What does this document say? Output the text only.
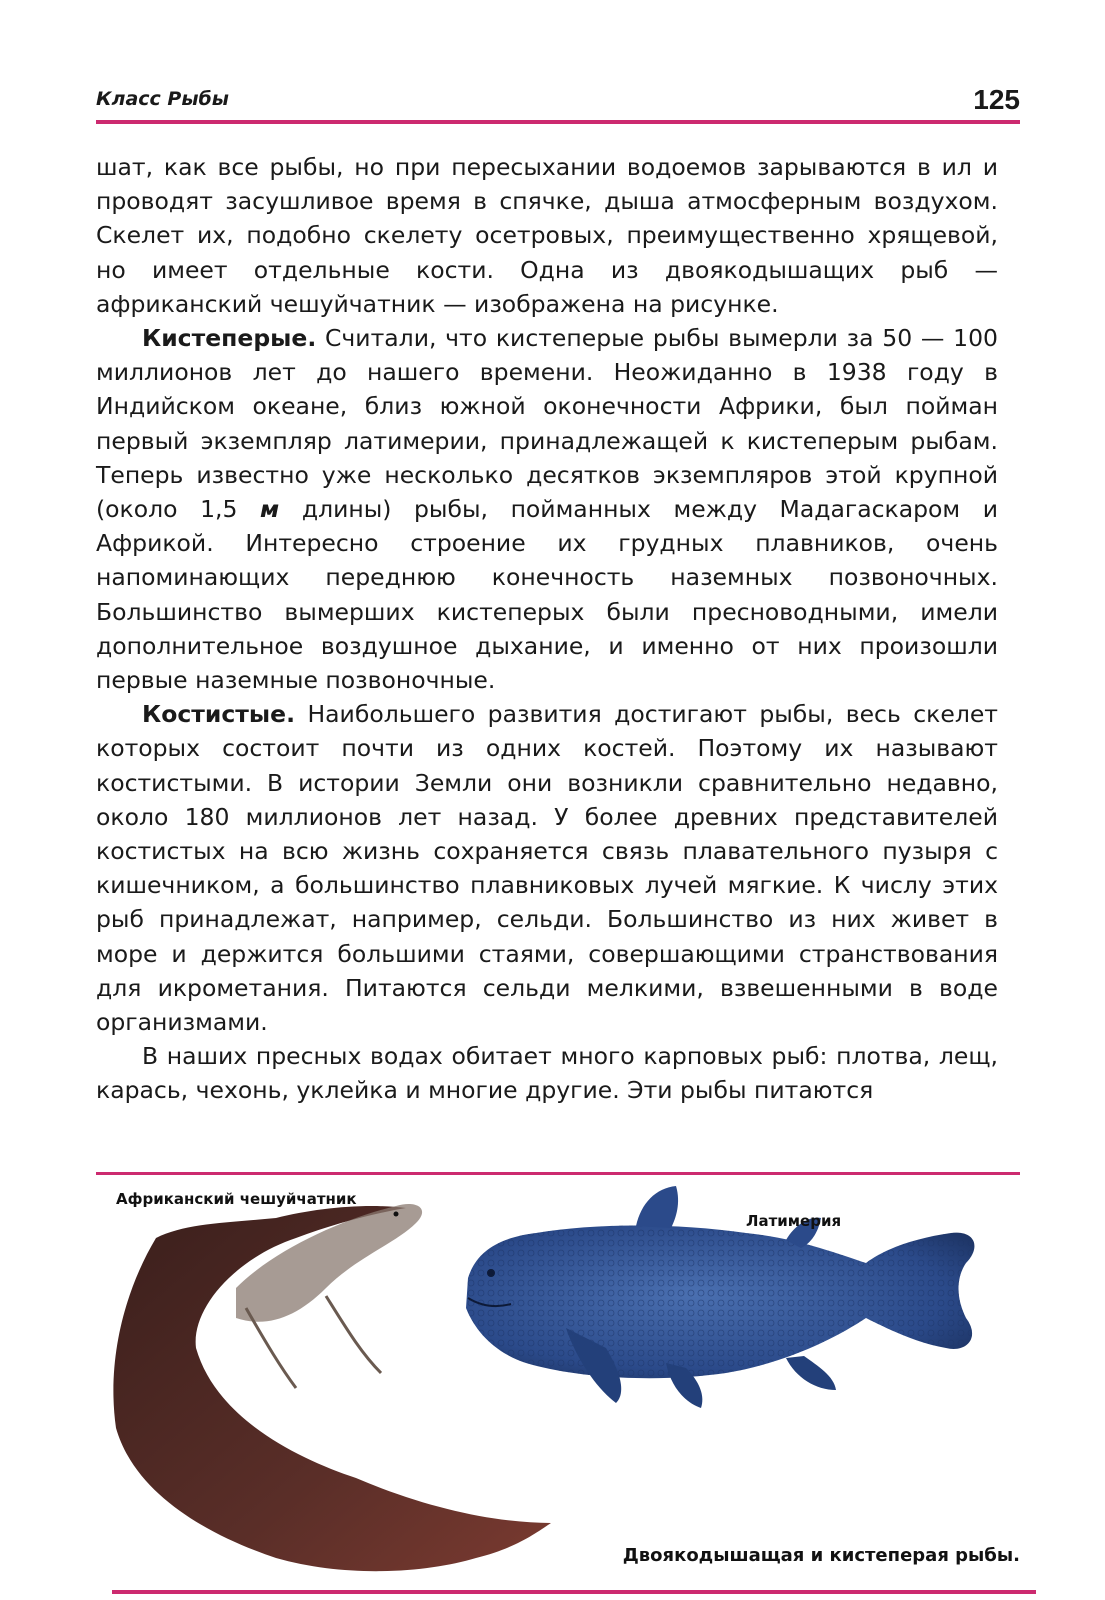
Класс Рыбы	125

шат, как все рыбы, но при пересыхании водоемов зарываются в ил и проводят засушливое время в спячке, дыша атмосферным воздухом. Скелет их, подобно скелету осетровых, преимущественно хрящевой, но имеет отдельные кости. Одна из двоякодышащих рыб — африканский чешуйчатник — изображена на рисунке.

Кистеперые. Считали, что кистеперые рыбы вымерли за 50 — 100 миллионов лет до нашего времени. Неожиданно в 1938 году в Индийском океане, близ южной оконечности Африки, был пойман первый экземпляр латимерии, принадлежащей к кистеперым рыбам. Теперь известно уже несколько десятков экземпляров этой крупной (около 1,5 м длины) рыбы, пойманных между Мадагаскаром и Африкой. Интересно строение их грудных плавников, очень напоминающих переднюю конечность наземных позвоночных. Большинство вымерших кистеперых были пресноводными, имели дополнительное воздушное дыхание, и именно от них произошли первые наземные позвоночные.

Костистые. Наибольшего развития достигают рыбы, весь скелет которых состоит почти из одних костей. Поэтому их называют костистыми. В истории Земли они возникли сравнительно недавно, около 180 миллионов лет назад. У более древних представителей костистых на всю жизнь сохраняется связь плавательного пузыря с кишечником, а большинство плавниковых лучей мягкие. К числу этих рыб принадлежат, например, сельди. Большинство из них живет в море и держится большими стаями, совершающими странствования для икрометания. Питаются сельди мелкими, взвешенными в воде организмами.

В наших пресных водах обитает много карповых рыб: плотва, лещ, карась, чехонь, уклейка и многие другие. Эти рыбы питаются

Африканский чешуйчатник
Латимерия
Двоякодышащая и кистеперая рыбы.
